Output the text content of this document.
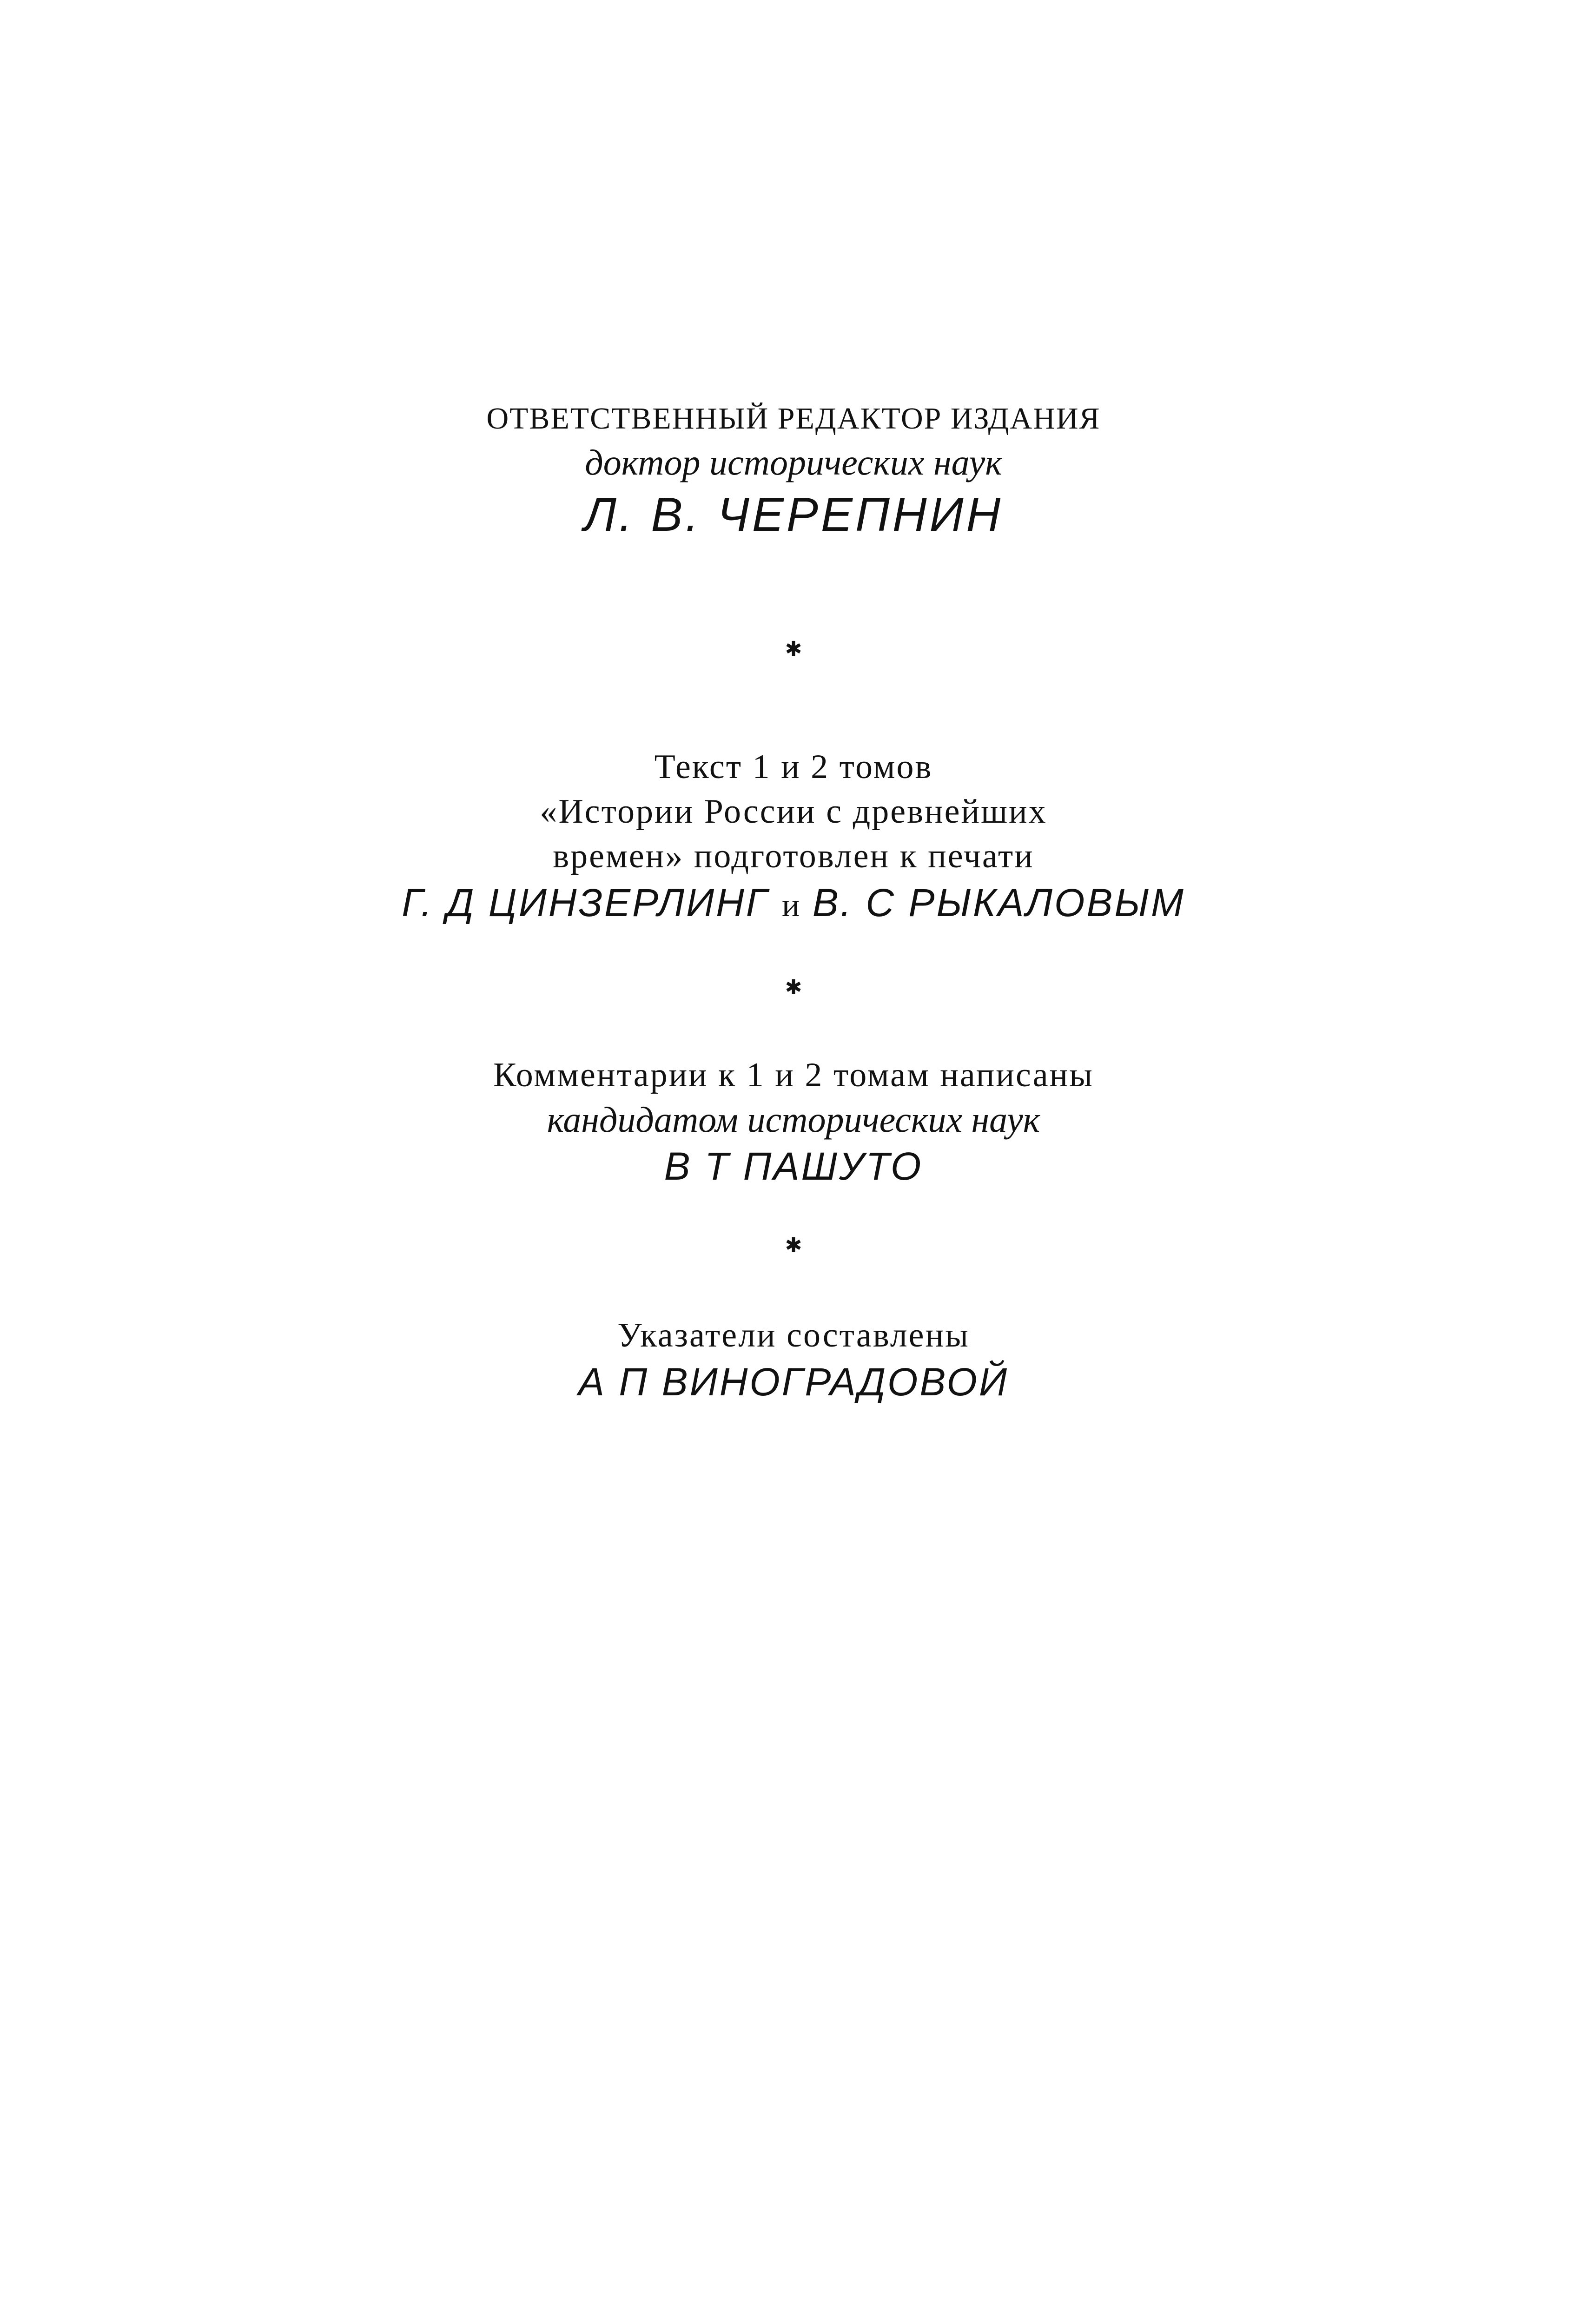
ОТВЕТСТВЕННЫЙ РЕДАКТОР ИЗДАНИЯ
доктор исторических наук
Л. В. ЧЕРЕПНИН
✱
Текст 1 и 2 томов
«Истории России с древнейших
времен» подготовлен к печати
Г. Д ЦИНЗЕРЛИНГ и В. С РЫКАЛОВЫМ
✱
Комментарии к 1 и 2 томам написаны
кандидатом исторических наук
В Т ПАШУТО
✱
Указатели составлены
А П ВИНОГРАДОВОЙ
